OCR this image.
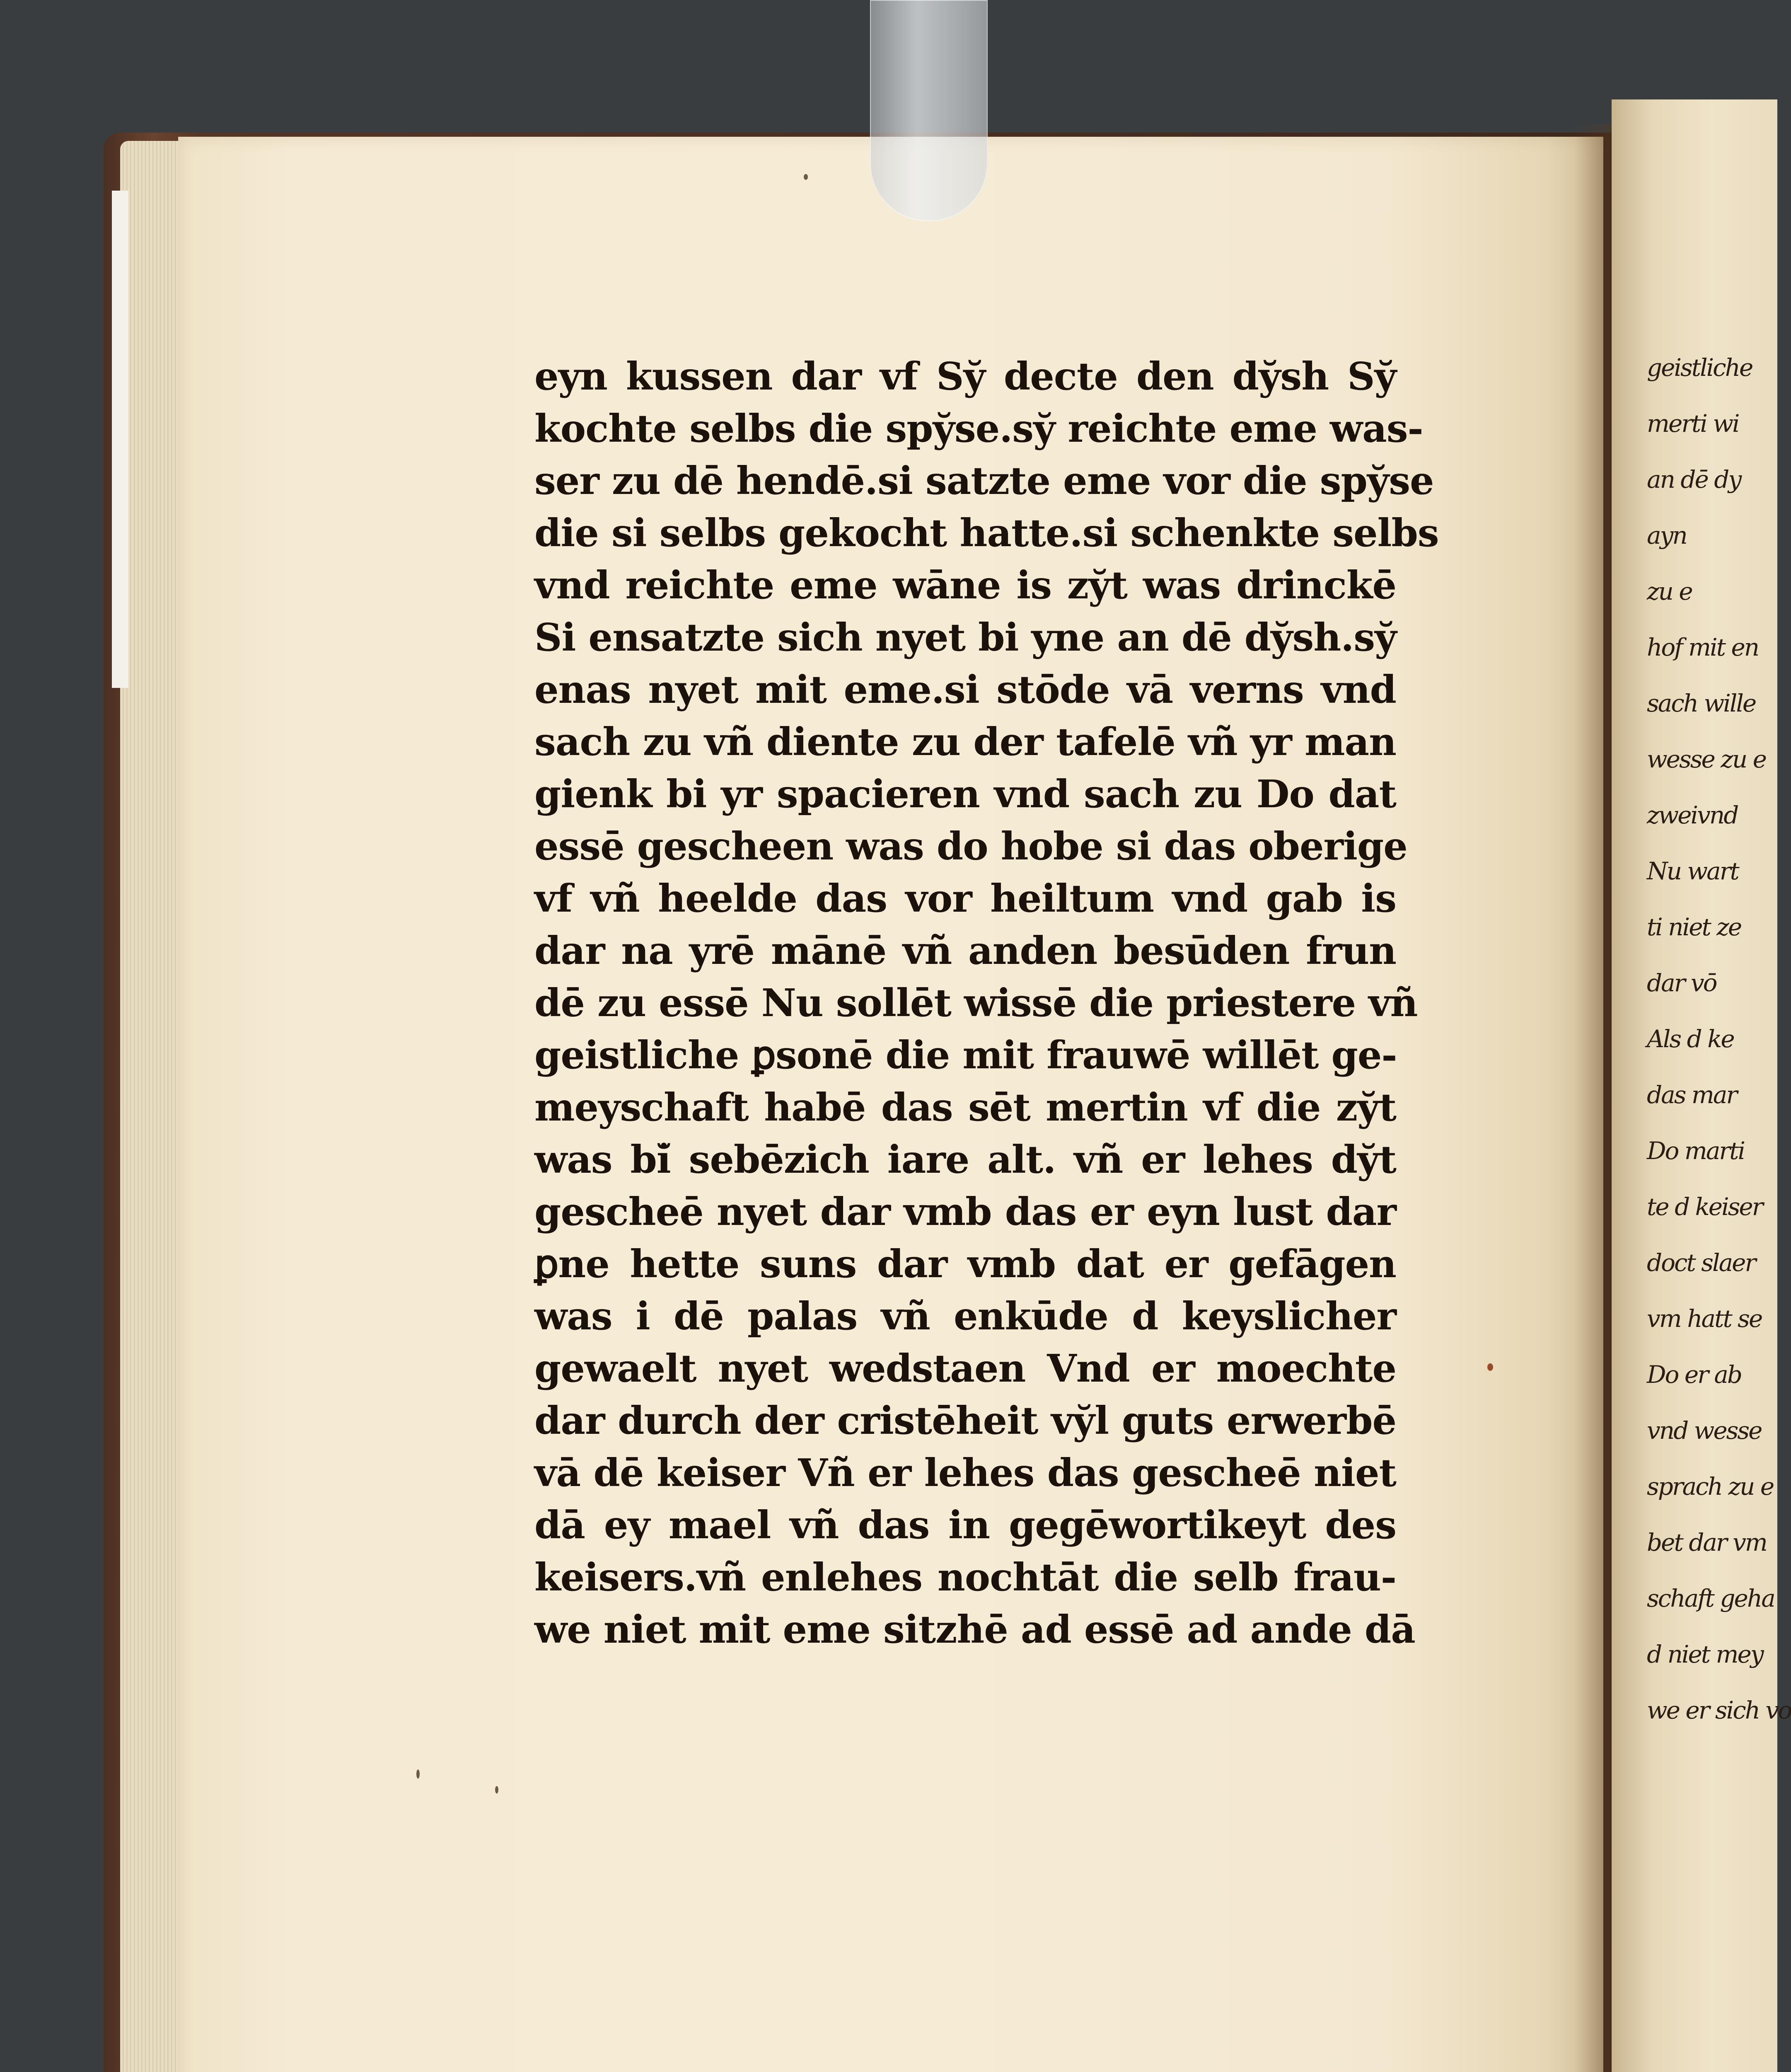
geistliche
merti wi
an dē dy
ayn
zu e
hof mit en
sach wille
wesse zu e
zweivnd
Nu wart
ti niet ze
dar vō
Als d ke
das mar
Do marti
te d keiser
doct slaer
vm hatt se
Do er ab
vnd wesse
sprach zu e
bet dar vm
schaft geha
d niet mey
we er sich vo
eyn kussen dar vf Sy̆ decte den dy̆sh Sy̆
kochte selbs die spy̆se.sy̆ reichte eme was-
ser zu dē hendē.si satzte eme vor die spy̆se
die si selbs gekocht hatte.si schenkte selbs
vnd reichte eme wāne is zy̆t was drinckē
Si ensatzte sich nyet bi yne an dē dy̆sh.sy̆
enas nyet mit eme.si stōde vā verns vnd
sach zu vñ diente zu der tafelē vñ yr man
gienk bi yr spacieren vnd sach zu Do dat
essē gescheen was do hobe si das oberige
vf vñ heelde das vor heiltum vnd gab is
dar na yrē mānē vñ anden besūden frun
dē zu essē Nu sollēt wissē die priestere vñ
geistliche ꝑsonē die mit frauwē willēt ge-
meyschaft habē das sēt mertin vf die zy̆t
was bi̇̆ sebēzich iare alt. vñ er lehes dy̆t
gescheē nyet dar vmb das er eyn lust dar
ꝑne hette suns dar vmb dat er gefāgen
was i dē palas vñ enkūde d keyslicher
gewaelt nyet wedstaen Vnd er moechte
dar durch der cristēheit vy̆l guts erwerbē
vā dē keiser Vñ er lehes das gescheē niet
dā ey mael vñ das in gegēwortikeyt des
keisers.vñ enlehes nochtāt die selb frau-
we niet mit eme sitzhē ad essē ad ande dā
